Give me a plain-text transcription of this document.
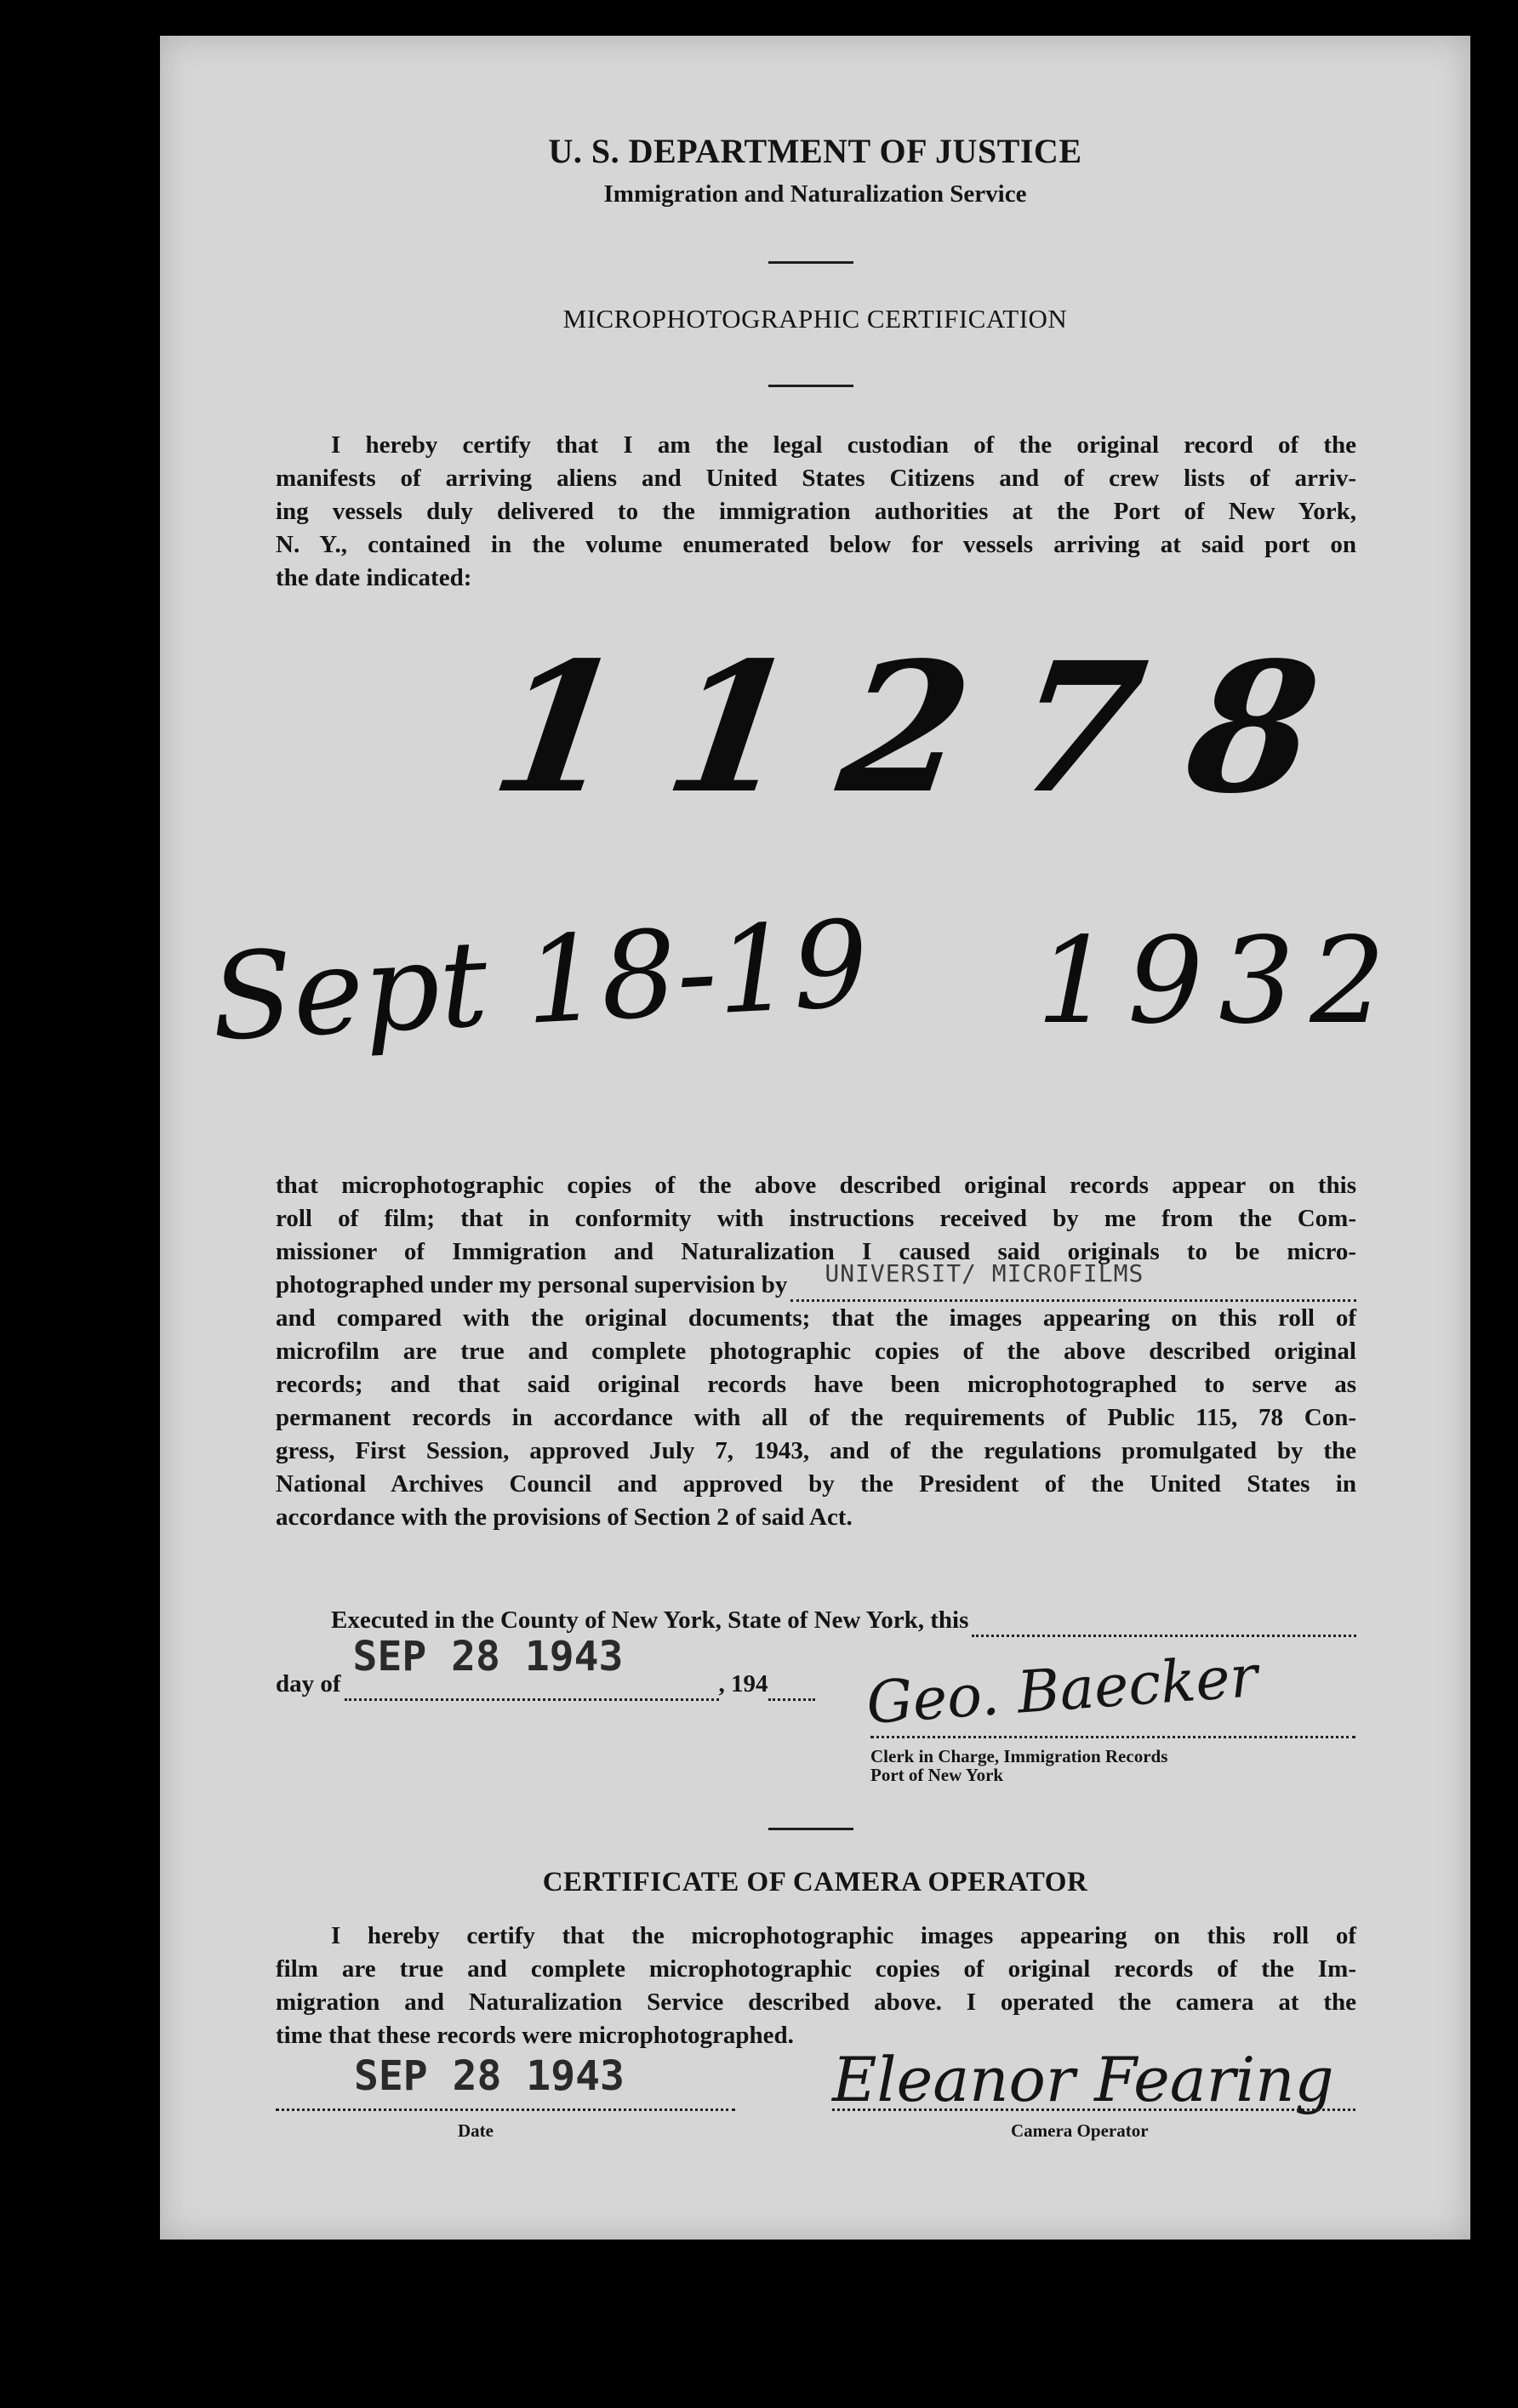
U. S. DEPARTMENT OF JUSTICE
Immigration and Naturalization Service
MICROPHOTOGRAPHIC CERTIFICATION
I hereby certify that I am the legal custodian of the original record of the
manifests of arriving aliens and United States Citizens and of crew lists of arriv-
ing vessels duly delivered to the immigration authorities at the Port of New York,
N. Y., contained in the volume enumerated below for vessels arriving at said port on
the date indicated:
11278
Sept 18-19 1932
that microphotographic copies of the above described original records appear on this
roll of film; that in conformity with instructions received by me from the Com-
missioner of Immigration and Naturalization I caused said originals to be micro-
photographed under my personal supervision by UNIVERSIT/ MICROFILMS
and compared with the original documents; that the images appearing on this roll of
microfilm are true and complete photographic copies of the above described original
records; and that said original records have been microphotographed to serve as
permanent records in accordance with all of the requirements of Public 115, 78 Con-
gress, First Session, approved July 7, 1943, and of the regulations promulgated by the
National Archives Council and approved by the President of the United States in
accordance with the provisions of Section 2 of said Act.
Executed in the County of New York, State of New York, this
day of
SEP 28 1943
, 194 Geo. Baecker
Clerk in Charge, Immigration Records
Port of New York
CERTIFICATE OF CAMERA OPERATOR
I hereby certify that the microphotographic images appearing on this roll of
film are true and complete microphotographic copies of original records of the Im-
migration and Naturalization Service described above. I operated the camera at the
time that these records were microphotographed.
SEP 28 1943
Date
Eleanor Fearing
Camera Operator
